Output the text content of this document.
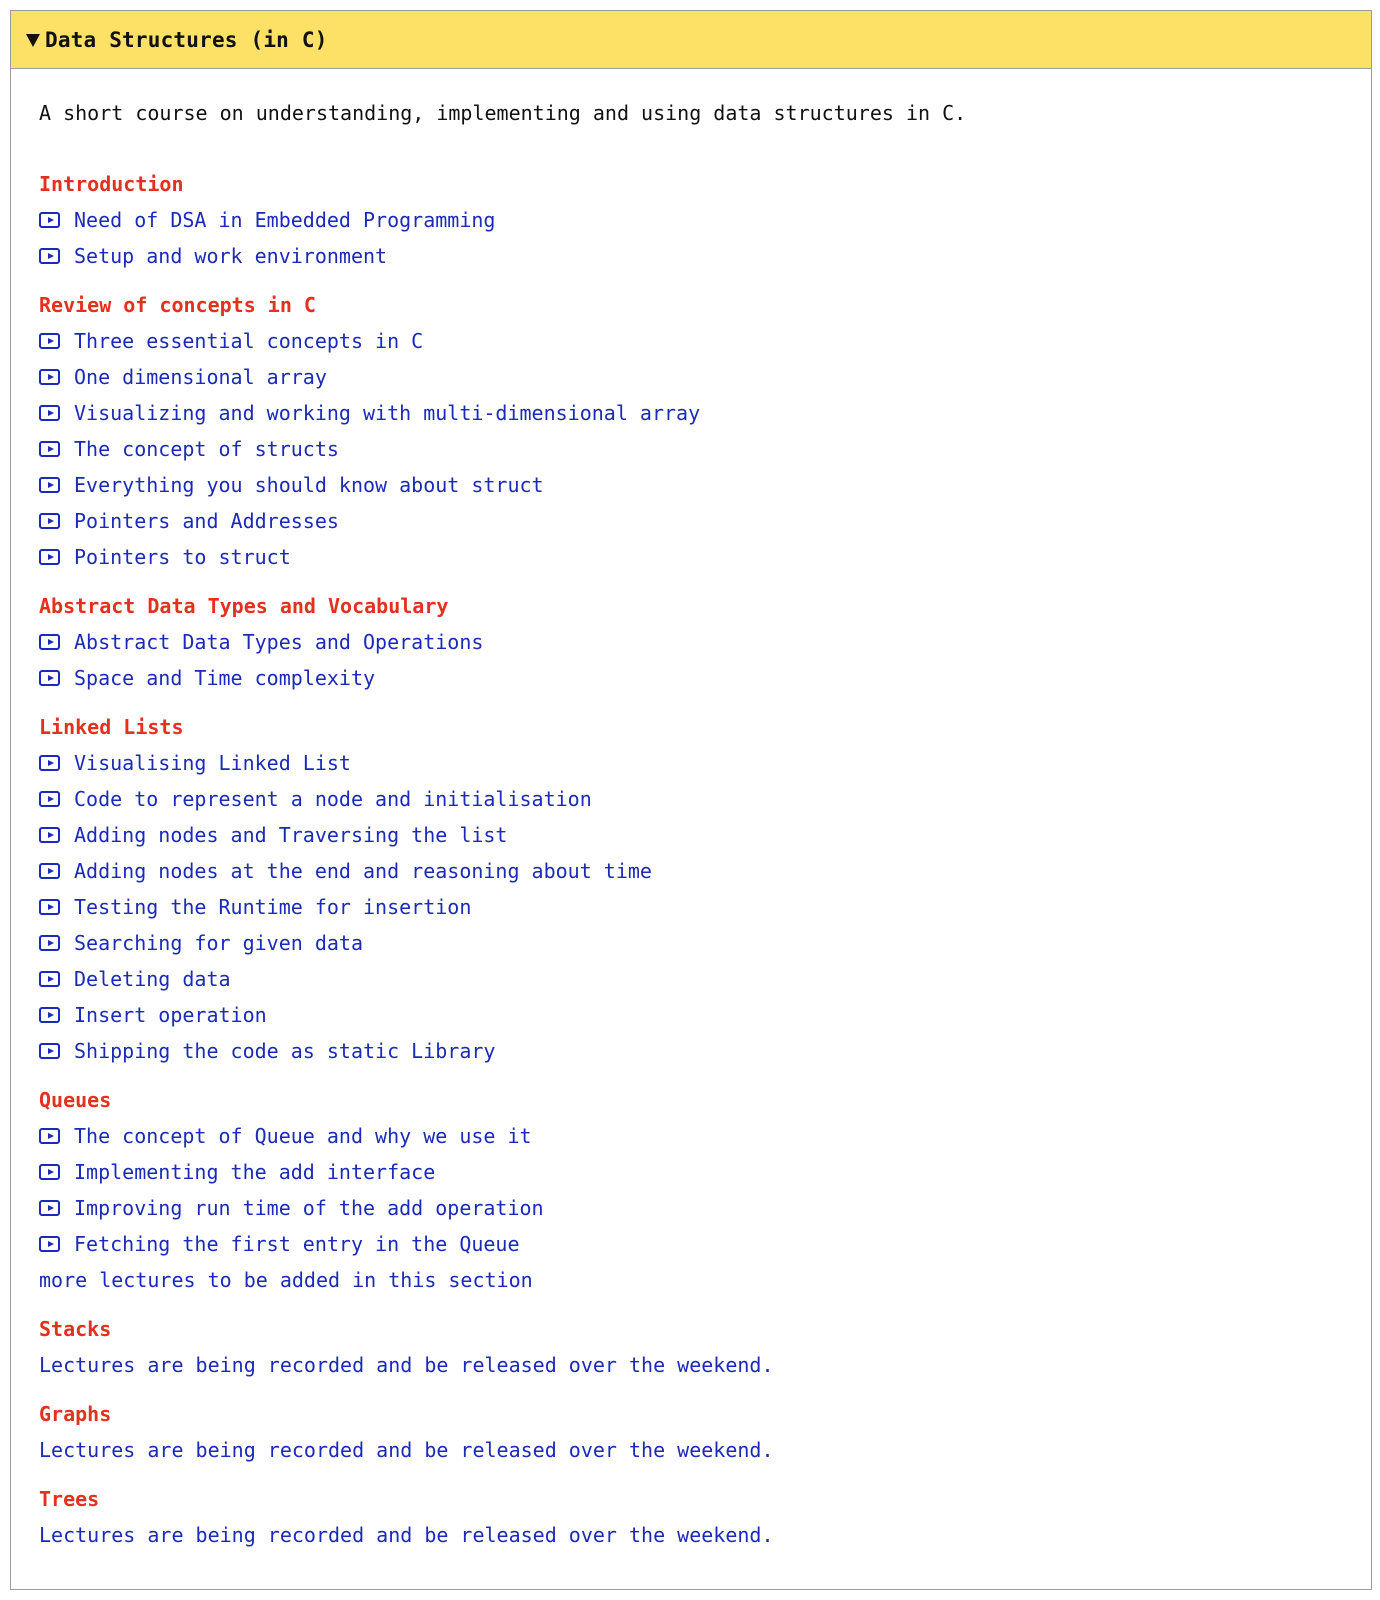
Data Structures (in C)

A short course on understanding, implementing and using data structures in C.

Introduction
Need of DSA in Embedded Programming
Setup and work environment
Review of concepts in C
Three essential concepts in C
One dimensional array
Visualizing and working with multi-dimensional array
The concept of structs
Everything you should know about struct
Pointers and Addresses
Pointers to struct
Abstract Data Types and Vocabulary
Abstract Data Types and Operations
Space and Time complexity
Linked Lists
Visualising Linked List
Code to represent a node and initialisation
Adding nodes and Traversing the list
Adding nodes at the end and reasoning about time
Testing the Runtime for insertion
Searching for given data
Deleting data
Insert operation
Shipping the code as static Library
Queues
The concept of Queue and why we use it
Implementing the add interface
Improving run time of the add operation
Fetching the first entry in the Queue
more lectures to be added in this section
Stacks
Lectures are being recorded and be released over the weekend.
Graphs
Lectures are being recorded and be released over the weekend.
Trees
Lectures are being recorded and be released over the weekend.
